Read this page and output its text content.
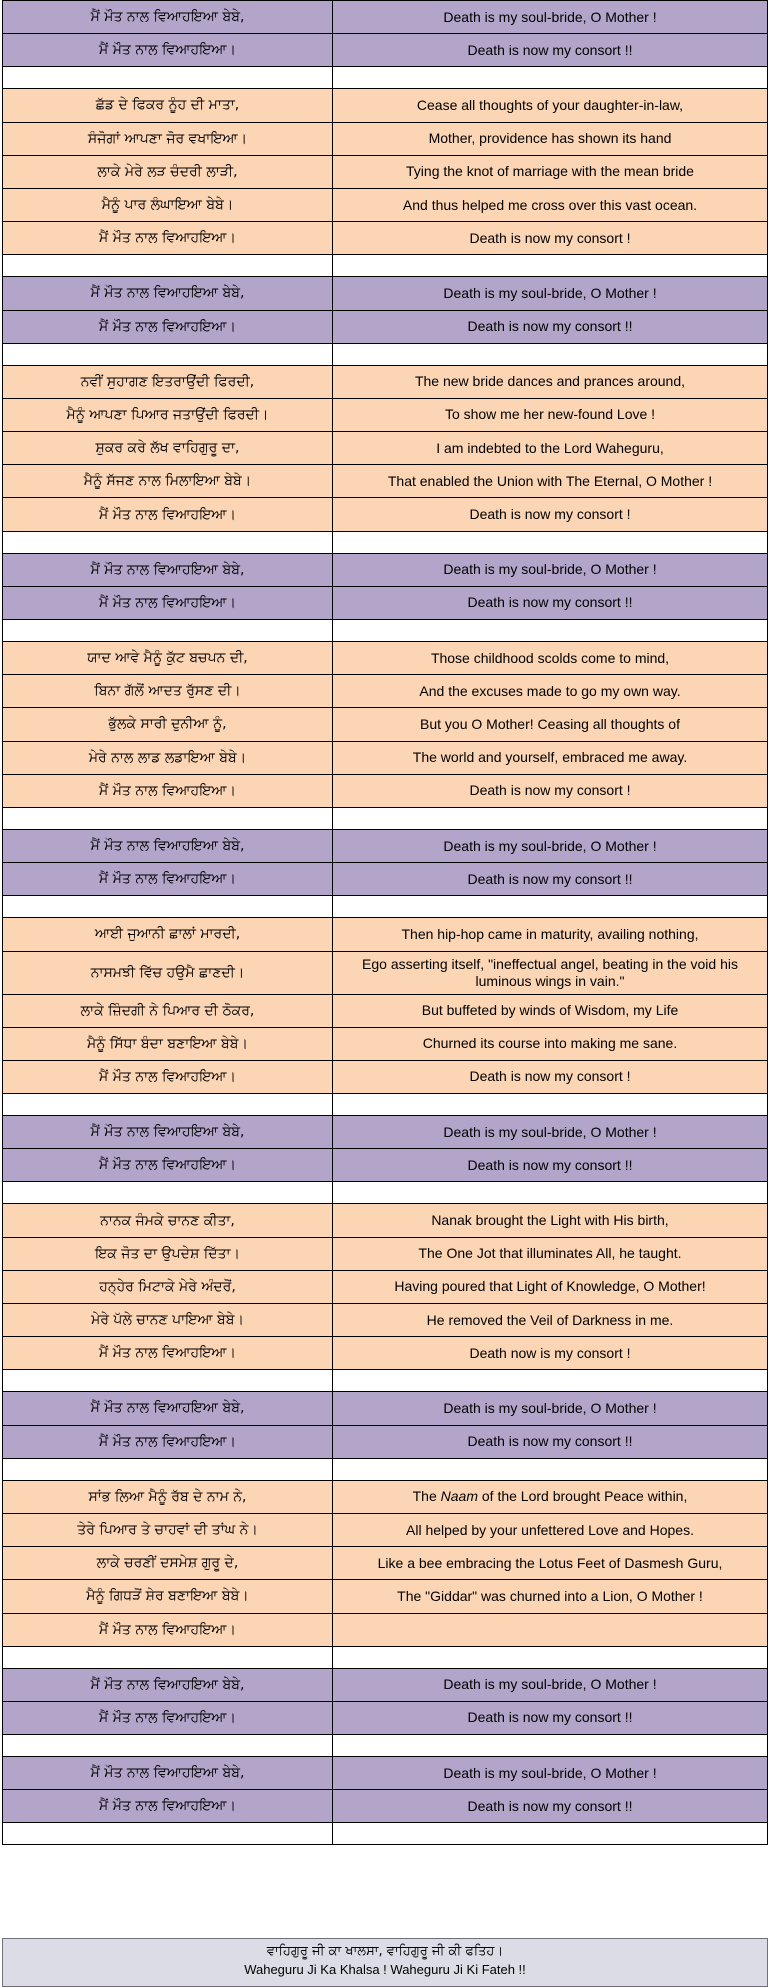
ਮੈਂ ਮੌਤ ਨਾਲ ਵਿਆਹਇਆ ਬੇਬੇ,	Death is my soul-bride, O Mother !
ਮੈਂ ਮੌਤ ਨਾਲ ਵਿਆਹਇਆ।	Death is now my consort !!

ਛੱਡ ਦੇ ਫਿਕਰ ਨੂੰਹ ਦੀ ਮਾਤਾ,	Cease all thoughts of your daughter-in-law,
ਸੰਜੋਗਾਂ ਆਪਣਾ ਜੋਰ ਵਖਾਇਆ।	Mother, providence has shown its hand
ਲਾਕੇ ਮੇਰੇ ਲੜ ਚੰਦਰੀ ਲਾੜੀ,	Tying the knot of marriage with the mean bride
ਮੈਨੂੰ ਪਾਰ ਲੰਘਾਇਆ ਬੇਬੇ।	And thus helped me cross over this vast ocean.
ਮੈਂ ਮੌਤ ਨਾਲ ਵਿਆਹਇਆ।	Death is now my consort !

ਮੈਂ ਮੌਤ ਨਾਲ ਵਿਆਹਇਆ ਬੇਬੇ,	Death is my soul-bride, O Mother !
ਮੈਂ ਮੌਤ ਨਾਲ ਵਿਆਹਇਆ।	Death is now my consort !!

ਨਵੀਂ ਸੁਹਾਗਣ ਇਤਰਾਉਂਦੀ ਫਿਰਦੀ,	The new bride dances and prances around,
ਮੈਨੂੰ ਆਪਣਾ ਪਿਆਰ ਜਤਾਉਂਦੀ ਫਿਰਦੀ।	To show me her new-found Love !
ਸ਼ੁਕਰ ਕਰੇ ਲੱਖ ਵਾਹਿਗੁਰੂ ਦਾ,	I am indebted to the Lord Waheguru,
ਮੈਨੂੰ ਸੱਜਣ ਨਾਲ ਮਿਲਾਇਆ ਬੇਬੇ।	That enabled the Union with The Eternal, O Mother !
ਮੈਂ ਮੌਤ ਨਾਲ ਵਿਆਹਇਆ।	Death is now my consort !

ਮੈਂ ਮੌਤ ਨਾਲ ਵਿਆਹਇਆ ਬੇਬੇ,	Death is my soul-bride, O Mother !
ਮੈਂ ਮੌਤ ਨਾਲ ਵਿਆਹਇਆ।	Death is now my consort !!

ਯਾਦ ਆਵੇ ਮੈਨੂੰ ਕੁੱਟ ਬਚਪਨ ਦੀ,	Those childhood scolds come to mind,
ਬਿਨਾ ਗੱਲੋਂ ਆਦਤ ਰੁੱਸਣ ਦੀ।	And the excuses made to go my own way.
ਭੁੱਲਕੇ ਸਾਰੀ ਦੁਨੀਆ ਨੂੰ,	But you O Mother! Ceasing all thoughts of
ਮੇਰੇ ਨਾਲ ਲਾਡ ਲਡਾਇਆ ਬੇਬੇ।	The world and yourself, embraced me away.
ਮੈਂ ਮੌਤ ਨਾਲ ਵਿਆਹਇਆ।	Death is now my consort !

ਮੈਂ ਮੌਤ ਨਾਲ ਵਿਆਹਇਆ ਬੇਬੇ,	Death is my soul-bride, O Mother !
ਮੈਂ ਮੌਤ ਨਾਲ ਵਿਆਹਇਆ।	Death is now my consort !!

ਆਈ ਜੁਆਨੀ ਛਾਲਾਂ ਮਾਰਦੀ,	Then hip-hop came in maturity, availing nothing,
ਨਾਸਮਝੀ ਵਿੱਚ ਹਉਮੈ ਛਾਣਦੀ।	Ego asserting itself, "ineffectual angel, beating in the void his luminous wings in vain."
ਲਾਕੇ ਜ਼ਿੰਦਗੀ ਨੇ ਪਿਆਰ ਦੀ ਠੋਕਰ,	But buffeted by winds of Wisdom, my Life
ਮੈਨੂੰ ਸਿੱਧਾ ਬੰਦਾ ਬਣਾਇਆ ਬੇਬੇ।	Churned its course into making me sane.
ਮੈਂ ਮੌਤ ਨਾਲ ਵਿਆਹਇਆ।	Death is now my consort !

ਮੈਂ ਮੌਤ ਨਾਲ ਵਿਆਹਇਆ ਬੇਬੇ,	Death is my soul-bride, O Mother !
ਮੈਂ ਮੌਤ ਨਾਲ ਵਿਆਹਇਆ।	Death is now my consort !!

ਨਾਨਕ ਜੰਮਕੇ ਚਾਨਣ ਕੀਤਾ,	Nanak brought the Light with His birth,
ਇਕ ਜੋਤ ਦਾ ਉਪਦੇਸ਼ ਦਿੱਤਾ।	The One Jot that illuminates All, he taught.
ਹਨ੍ਹੇਰ ਮਿਟਾਕੇ ਮੇਰੇ ਅੰਦਰੋਂ,	Having poured that Light of Knowledge, O Mother!
ਮੇਰੇ ਪੱਲੇ ਚਾਨਣ ਪਾਇਆ ਬੇਬੇ।	He removed the Veil of Darkness in me.
ਮੈਂ ਮੌਤ ਨਾਲ ਵਿਆਹਇਆ।	Death now is my consort !

ਮੈਂ ਮੌਤ ਨਾਲ ਵਿਆਹਇਆ ਬੇਬੇ,	Death is my soul-bride, O Mother !
ਮੈਂ ਮੌਤ ਨਾਲ ਵਿਆਹਇਆ।	Death is now my consort !!

ਸਾਂਭ ਲਿਆ ਮੈਨੂੰ ਰੱਬ ਦੇ ਨਾਮ ਨੇ,	The Naam of the Lord brought Peace within,
ਤੇਰੇ ਪਿਆਰ ਤੇ ਚਾਹਵਾਂ ਦੀ ਤਾਂਘ ਨੇ।	All helped by your unfettered Love and Hopes.
ਲਾਕੇ ਚਰਣੀਂ ਦਸਮੇਸ਼ ਗੁਰੂ ਦੇ,	Like a bee embracing the Lotus Feet of Dasmesh Guru,
ਮੈਨੂੰ ਗਿਧੜੋਂ ਸ਼ੇਰ ਬਣਾਇਆ ਬੇਬੇ।	The "Giddar" was churned into a Lion, O Mother !
ਮੈਂ ਮੌਤ ਨਾਲ ਵਿਆਹਇਆ।	

ਮੈਂ ਮੌਤ ਨਾਲ ਵਿਆਹਇਆ ਬੇਬੇ,	Death is my soul-bride, O Mother !
ਮੈਂ ਮੌਤ ਨਾਲ ਵਿਆਹਇਆ।	Death is now my consort !!

ਮੈਂ ਮੌਤ ਨਾਲ ਵਿਆਹਇਆ ਬੇਬੇ,	Death is my soul-bride, O Mother !
ਮੈਂ ਮੌਤ ਨਾਲ ਵਿਆਹਇਆ।	Death is now my consort !!

ਵਾਹਿਗੁਰੂ ਜੀ ਕਾ ਖਾਲਸਾ, ਵਾਹਿਗੁਰੂ ਜੀ ਕੀ ਫਤਿਹ।
Waheguru Ji Ka Khalsa ! Waheguru Ji Ki Fateh !!
